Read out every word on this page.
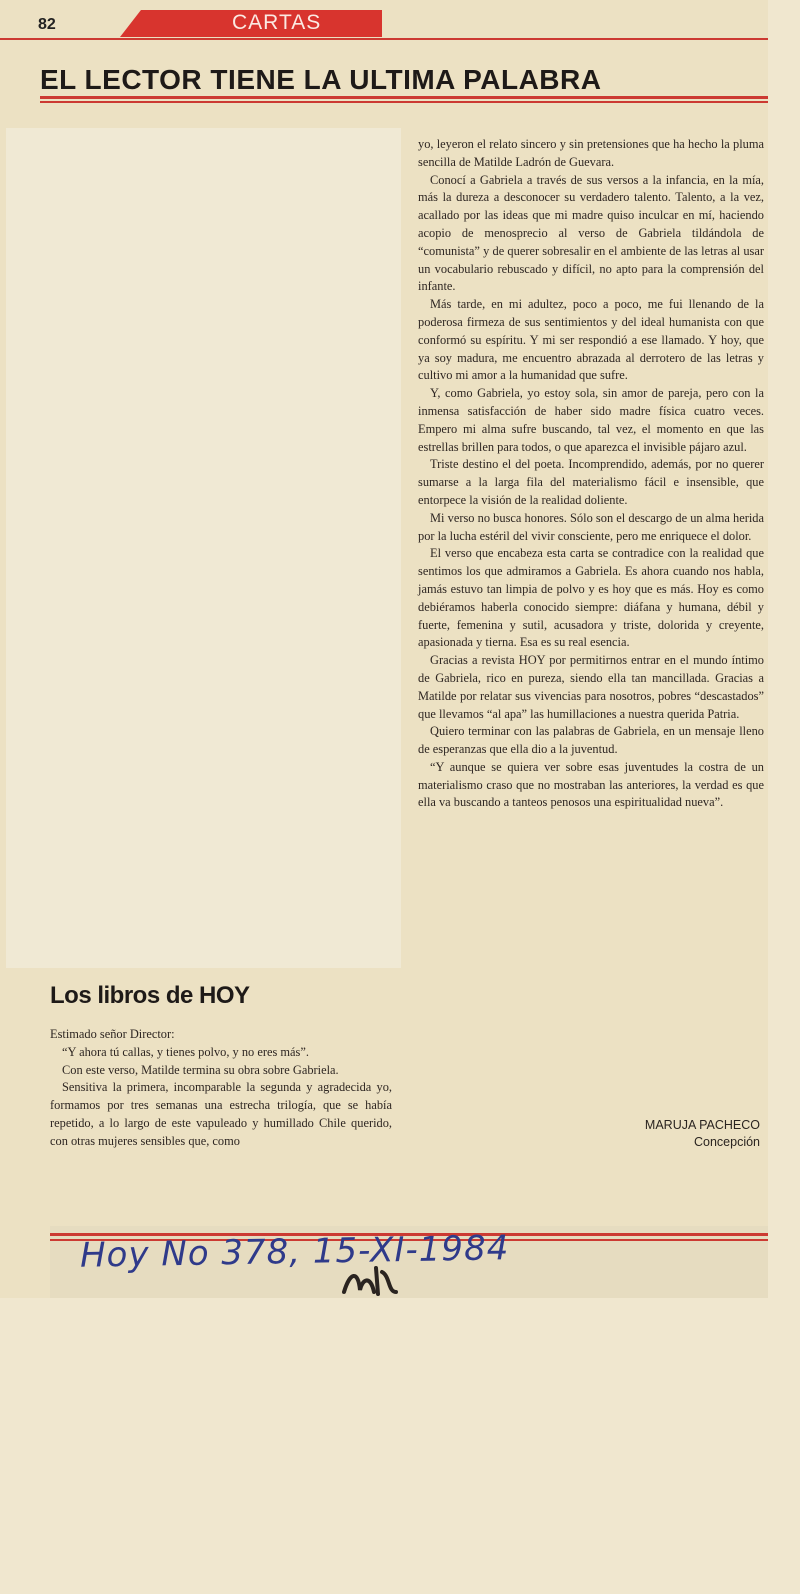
82	CARTAS
EL LECTOR TIENE LA ULTIMA PALABRA

yo, leyeron el relato sincero y sin pretensiones que ha hecho la pluma sencilla de Matilde Ladrón de Guevara.

Conocí a Gabriela a través de sus versos a la infancia, en la mía, más la dureza a desconocer su verdadero talento. Talento, a la vez, acallado por las ideas que mi madre quiso inculcar en mí, haciendo acopio de menosprecio al verso de Gabriela tildándola de “comunista” y de querer sobresalir en el ambiente de las letras al usar un vocabulario rebuscado y difícil, no apto para la comprensión del infante.

Más tarde, en mi adultez, poco a poco, me fui llenando de la poderosa firmeza de sus sentimientos y del ideal humanista con que conformó su espíritu. Y mi ser respondió a ese llamado. Y hoy, que ya soy madura, me encuentro abrazada al derrotero de las letras y cultivo mi amor a la humanidad que sufre.

Y, como Gabriela, yo estoy sola, sin amor de pareja, pero con la inmensa satisfacción de haber sido madre física cuatro veces. Empero mi alma sufre buscando, tal vez, el momento en que las estrellas brillen para todos, o que aparezca el invisible pájaro azul.

Triste destino el del poeta. Incomprendido, además, por no querer sumarse a la larga fila del materialismo fácil e insensible, que entorpece la visión de la realidad doliente.

Mi verso no busca honores. Sólo son el descargo de un alma herida por la lucha estéril del vivir consciente, pero me enriquece el dolor.

El verso que encabeza esta carta se contradice con la realidad que sentimos los que admiramos a Gabriela. Es ahora cuando nos habla, jamás estuvo tan limpia de polvo y es hoy que es más. Hoy es como debiéramos haberla conocido siempre: diáfana y humana, débil y fuerte, femenina y sutil, acusadora y triste, dolorida y creyente, apasionada y tierna. Esa es su real esencia.

Gracias a revista HOY por permitirnos entrar en el mundo íntimo de Gabriela, rico en pureza, siendo ella tan mancillada. Gracias a Matilde por relatar sus vivencias para nosotros, pobres “descastados” que llevamos “al apa” las humillaciones a nuestra querida Patria.

Quiero terminar con las palabras de Gabriela, en un mensaje lleno de esperanzas que ella dio a la juventud.

“Y aunque se quiera ver sobre esas juventudes la costra de un materialismo craso que no mostraban las anteriores, la verdad es que ella va buscando a tanteos penosos una espiritualidad nueva”.

MARUJA PACHECO
Concepción
Los libros de HOY

Estimado señor Director:

“Y ahora tú callas, y tienes polvo, y no eres más”.

Con este verso, Matilde termina su obra sobre Gabriela.

Sensitiva la primera, incomparable la segunda y agradecida yo, formamos por tres semanas una estrecha trilogía, que se había repetido, a lo largo de este vapuleado y humillado Chile querido, con otras mujeres sensibles que, como

Hoy No 378, 15-XI-1984
